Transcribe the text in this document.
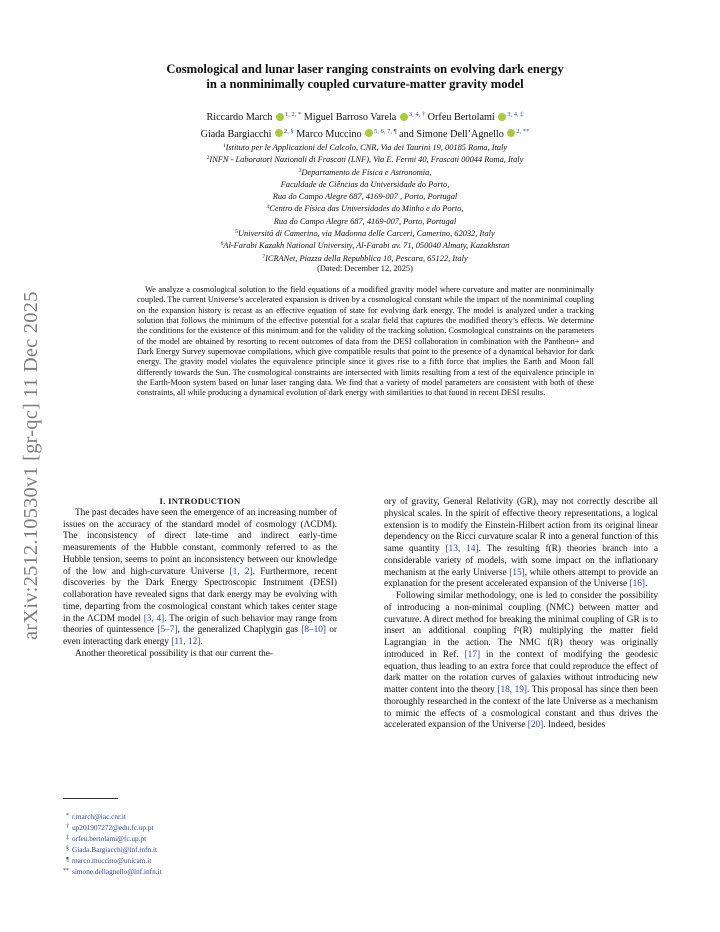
arXiv:2512.10530v1 [gr-qc] 11 Dec 2025
Cosmological and lunar laser ranging constraints on evolving dark energy
in a nonminimally coupled curvature-matter gravity model
Riccardo March $^{1, 2, *}$ Miguel Barroso Varela $^{3, 4, \dagger}$ Orfeu Bertolami $^{3, 4, \ddagger}$
Giada Bargiacchi $^{2, \S}$ Marco Muccino $^{5, 6, 7, \P}$ and Simone Dell’Agnello $^{2, **}$
$^1$Istituto per le Applicazioni del Calcolo, CNR, Via dei Taurini 19, 00185 Roma, Italy
$^2$INFN - Laboratori Nazionali di Frascati (LNF), Via E. Fermi 40, Frascati 00044 Roma, Italy
$^3$Departamento de Física e Astronomia,
Faculdade de Ciências da Universidade do Porto,
Rua do Campo Alegre 687, 4169-007 , Porto, Portugal
$^4$Centro de Física das Universidades do Minho e do Porto,
Rua do Campo Alegre 687, 4169-007, Porto, Portugal
$^5$Universitá di Camerino, via Madonna delle Carceri, Camerino, 62032, Italy
$^6$Al-Farabi Kazakh National University, Al-Farabi av. 71, 050040 Almaty, Kazakhstan
$^7$ICRANet, Piazza della Repubblica 10, Pescara, 65122, Italy
(Dated: December 12, 2025)
We analyze a cosmological solution to the field equations of a modified gravity model where curvature and matter are nonminimally coupled. The current Universe’s accelerated expansion is driven by a cosmological constant while the impact of the nonminimal coupling on the expansion history is recast as an effective equation of state for evolving dark energy. The model is analyzed under a tracking solution that follows the minimum of the effective potential for a scalar field that captures the modified theory’s effects. We determine the conditions for the existence of this minimum and for the validity of the tracking solution. Cosmological constraints on the parameters of the model are obtained by resorting to recent outcomes of data from the DESI collaboration in combination with the Pantheon+ and Dark Energy Survey supernovae compilations, which give compatible results that point to the presence of a dynamical behavior for dark energy. The gravity model violates the equivalence principle since it gives rise to a fifth force that implies the Earth and Moon fall differently towards the Sun. The cosmological constraints are intersected with limits resulting from a test of the equivalence principle in the Earth-Moon system based on lunar laser ranging data. We find that a variety of model parameters are consistent with both of these constraints, all while producing a dynamical evolution of dark energy with similarities to that found in recent DESI results.

I. INTRODUCTION

The past decades have seen the emergence of an increasing number of issues on the accuracy of the standard model of cosmology (ΛCDM). The inconsistency of direct late-time and indirect early-time measurements of the Hubble constant, commonly referred to as the Hubble tension, seems to point an inconsistency between our knowledge of the low and high-curvature Universe [1, 2]. Furthermore, recent discoveries by the Dark Energy Spectroscopic Instrument (DESI) collaboration have revealed signs that dark energy may be evolving with time, departing from the cosmological constant which takes center stage in the ΛCDM model [3, 4]. The origin of such behavior may range from theories of quintessence [5–7], the generalized Chaplygin gas [8–10] or even interacting dark energy [11, 12].

Another theoretical possibility is that our current the-

ory of gravity, General Relativity (GR), may not correctly describe all physical scales. In the spirit of effective theory representations, a logical extension is to modify the Einstein-Hilbert action from its original linear dependency on the Ricci curvature scalar R into a general function of this same quantity [13, 14]. The resulting f(R) theories branch into a considerable variety of models, with some impact on the inflationary mechanism at the early Universe [15], while others attempt to provide an explanation for the present accelerated expansion of the Universe [16].

Following similar methodology, one is led to consider the possibility of introducing a non-minimal coupling (NMC) between matter and curvature. A direct method for breaking the minimal coupling of GR is to insert an additional coupling f²(R) multiplying the matter field Lagrangian in the action. The NMC f(R) theory was originally introduced in Ref. [17] in the context of modifying the geodesic equation, thus leading to an extra force that could reproduce the effect of dark matter on the rotation curves of galaxies without introducing new matter content into the theory [18, 19]. This proposal has since then been thoroughly researched in the context of the late Universe as a mechanism to mimic the effects of a cosmological constant and thus drives the accelerated expansion of the Universe [20]. Indeed, besides

* r.march@iac.cnr.it
† up201907272@edu.fc.up.pt
‡ orfeu.bertolami@fc.up.pt
§ Giada.Bargiacchi@lnf.infn.it
¶ marco.muccino@unicam.it
** simone.dellagnello@lnf.infn.it
